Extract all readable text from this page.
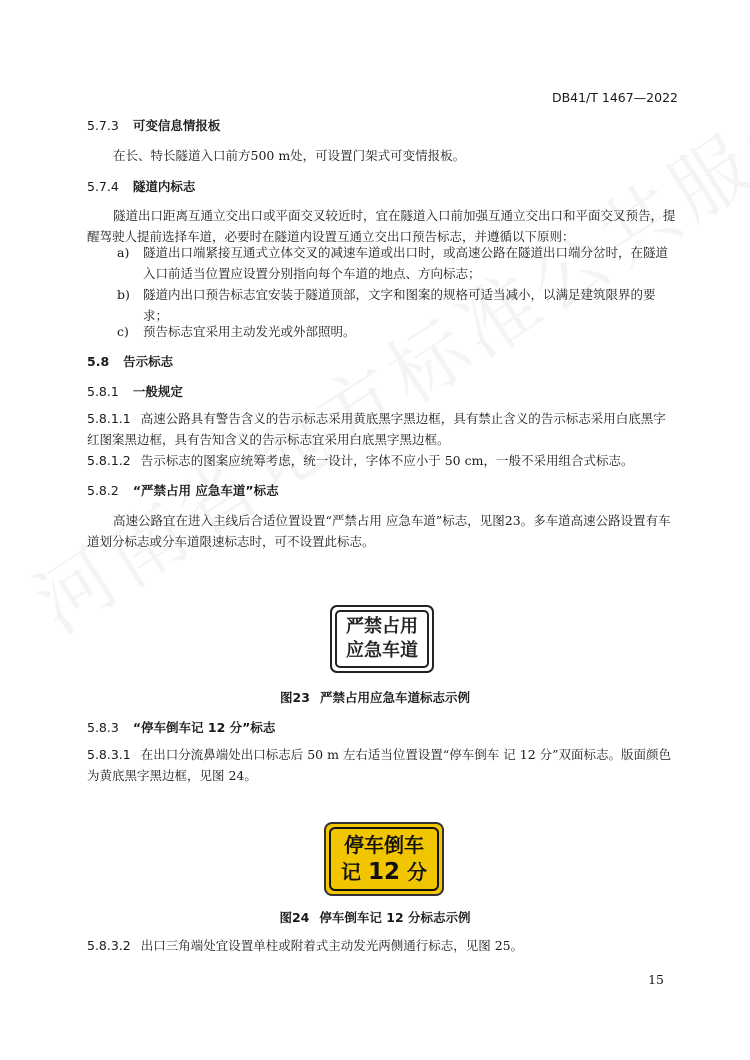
DB41/T 1467—2022
5.7.3 可变信息情报板
在长、特长隧道入口前方500 m处，可设置门架式可变情报板。
5.7.4 隧道内标志
隧道出口距离互通立交出口或平面交叉较近时，宜在隧道入口前加强互通立交出口和平面交叉预告，提醒驾驶人提前选择车道，必要时在隧道内设置互通立交出口预告标志，并遵循以下原则：
a)	隧道出口端紧接互通式立体交叉的减速车道或出口时，或高速公路在隧道出口端分岔时，在隧道入口前适当位置应设置分别指向每个车道的地点、方向标志；
b)	隧道内出口预告标志宜安装于隧道顶部，文字和图案的规格可适当减小，以满足建筑限界的要求；
c)	预告标志宜采用主动发光或外部照明。
5.8 告示标志
5.8.1 一般规定
5.8.1.1 高速公路具有警告含义的告示标志采用黄底黑字黑边框，具有禁止含义的告示标志采用白底黑字红图案黑边框，具有告知含义的告示标志宜采用白底黑字黑边框。
5.8.1.2 告示标志的图案应统筹考虑，统一设计，字体不应小于 50 cm，一般不采用组合式标志。
5.8.2 “严禁占用 应急车道”标志
高速公路宜在进入主线后合适位置设置“严禁占用 应急车道”标志，见图23。多车道高速公路设置有车道划分标志或分车道限速标志时，可不设置此标志。
严禁占用
应急车道
图23 严禁占用应急车道标志示例
5.8.3 “停车倒车记 12 分”标志
5.8.3.1 在出口分流鼻端处出口标志后 50 m 左右适当位置设置“停车倒车 记 12 分”双面标志。版面颜色为黄底黑字黑边框，见图 24。
停车倒车
记 12 分
图24 停车倒车记 12 分标志示例
5.8.3.2 出口三角端处宜设置单柱或附着式主动发光两侧通行标志，见图 25。
15
